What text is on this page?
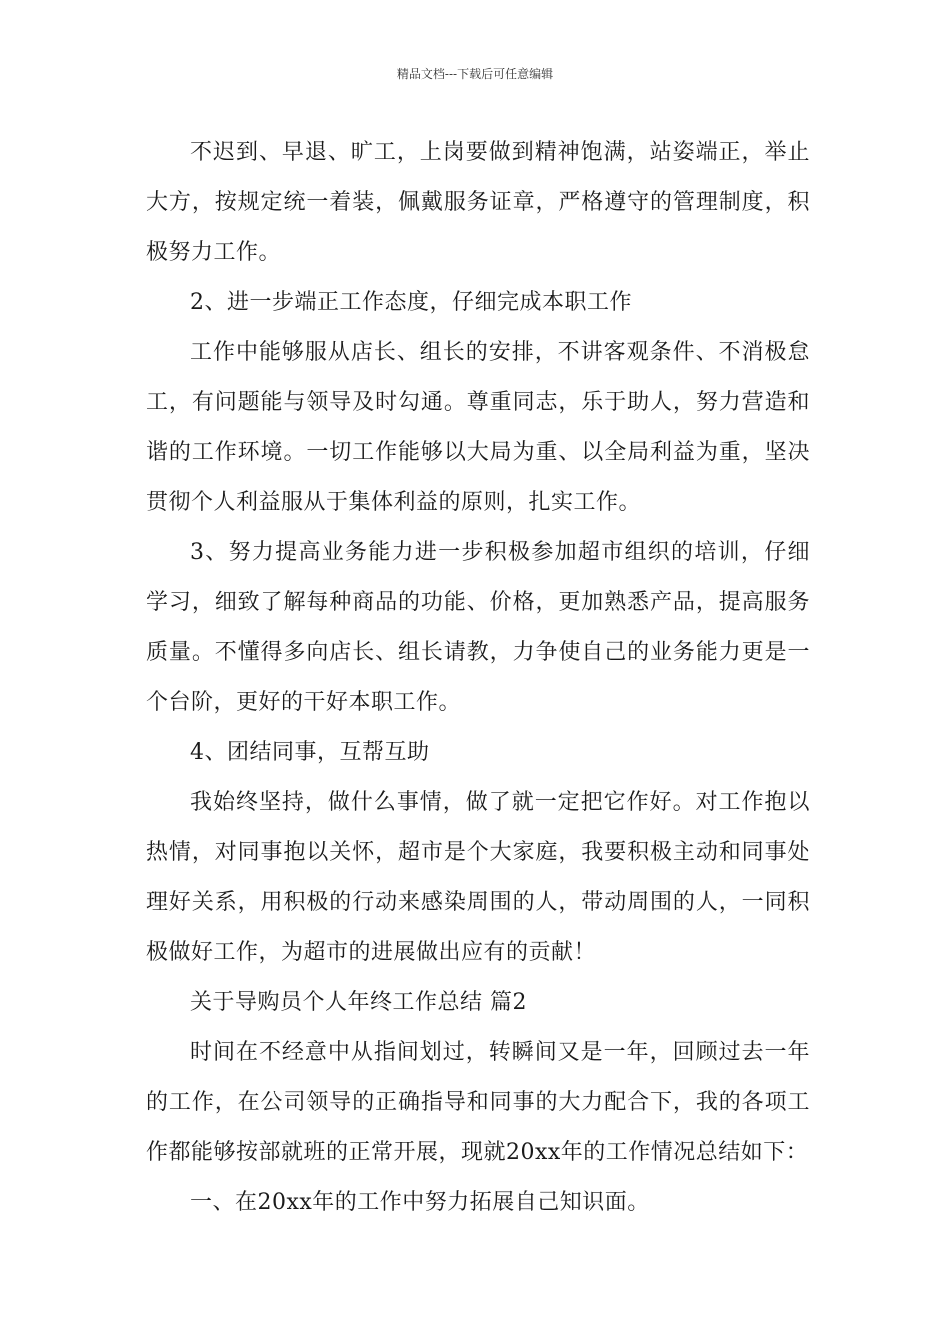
精品文档---下载后可任意编辑

不迟到、早退、旷工，上岗要做到精神饱满，站姿端正，举止大方，按规定统一着装，佩戴服务证章，严格遵守的管理制度，积极努力工作。

2、进一步端正工作态度，仔细完成本职工作

工作中能够服从店长、组长的安排，不讲客观条件、不消极怠工，有问题能与领导及时勾通。尊重同志，乐于助人，努力营造和谐的工作环境。一切工作能够以大局为重、以全局利益为重，坚决贯彻个人利益服从于集体利益的原则，扎实工作。

3、努力提高业务能力进一步积极参加超市组织的培训，仔细学习，细致了解每种商品的功能、价格，更加熟悉产品，提高服务质量。不懂得多向店长、组长请教，力争使自己的业务能力更是一个台阶，更好的干好本职工作。

4、团结同事，互帮互助

我始终坚持，做什么事情，做了就一定把它作好。对工作抱以热情，对同事抱以关怀，超市是个大家庭，我要积极主动和同事处理好关系，用积极的行动来感染周围的人，带动周围的人，一同积极做好工作，为超市的进展做出应有的贡献！

关于导购员个人年终工作总结 篇2

时间在不经意中从指间划过，转瞬间又是一年，回顾过去一年的工作，在公司领导的正确指导和同事的大力配合下，我的各项工作都能够按部就班的正常开展，现就20xx年的工作情况总结如下：

一、在20xx年的工作中努力拓展自己知识面。
